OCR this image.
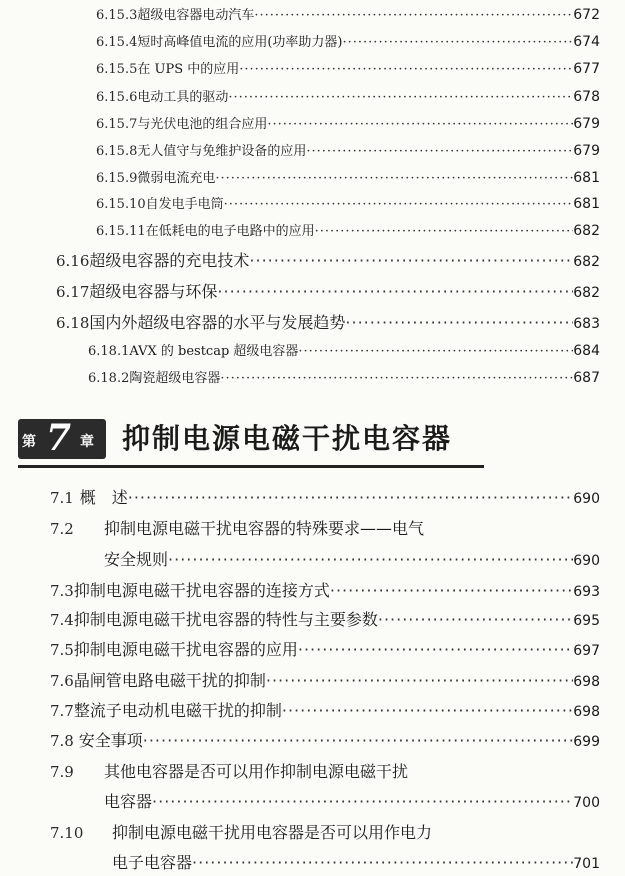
6.15.3 超级电容器电动汽车 ·····	672
6.15.4 短时高峰值电流的应用(功率助力器) ·····	674
6.15.5 在 UPS 中的应用 ·····	677
6.15.6 电动工具的驱动 ·····	678
6.15.7 与光伏电池的组合应用 ·····	679
6.15.8 无人值守与免维护设备的应用 ·····	679
6.15.9 微弱电流充电 ·····	681
6.15.10 自发电手电筒 ·····	681
6.15.11 在低耗电的电子电路中的应用 ·····	682
6.16 超级电容器的充电技术 ·····	682
6.17 超级电容器与环保 ·····	682
6.18 国内外超级电容器的水平与发展趋势 ·····	683
6.18.1 AVX 的 bestcap 超级电容器 ·····	684
6.18.2 陶瓷超级电容器 ·····	687
第 7 章 抑制电源电磁干扰电容器
7.1 概　述 ·····	690
7.2	抑制电源电磁干扰电容器的特殊要求——电气
安全规则 ·····	690
7.3 抑制电源电磁干扰电容器的连接方式 ·····	693
7.4 抑制电源电磁干扰电容器的特性与主要参数 ·····	695
7.5 抑制电源电磁干扰电容器的应用 ·····	697
7.6 晶闸管电路电磁干扰的抑制 ·····	698
7.7 整流子电动机电磁干扰的抑制 ·····	698
7.8 安全事项 ·····	699
7.9	其他电容器是否可以用作抑制电源电磁干扰
电容器 ·····	700
7.10	抑制电源电磁干扰用电容器是否可以用作电力
电子电容器 ·····	701
